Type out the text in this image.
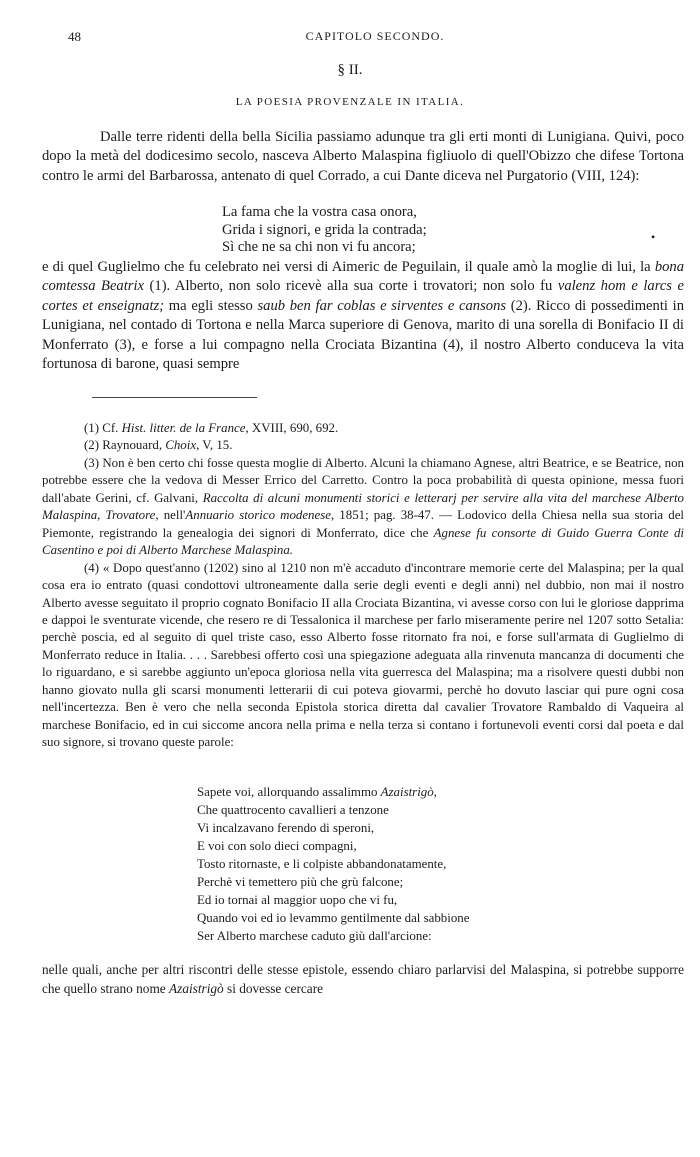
48	CAPITOLO SECONDO.
§ II.
LA POESIA PROVENZALE IN ITALIA.

Dalle terre ridenti della bella Sicilia passiamo adunque tra gli erti monti di Lunigiana. Quivi, poco dopo la metà del dodicesimo secolo, nasceva Alberto Malaspina figliuolo di quell'Obizzo che difese Tortona contro le armi del Barbarossa, antenato di quel Corrado, a cui Dante diceva nel Purgatorio (VIII, 124):

La fama che la vostra casa onora,
Grida i signori, e grida la contrada;
Sì che ne sa chi non vi fu ancora;
•

e di quel Guglielmo che fu celebrato nei versi di Aimeric de Peguilain, il quale amò la moglie di lui, la bona comtessa Beatrix (1). Alberto, non solo ricevè alla sua corte i trovatori; non solo fu valenz hom e larcs e cortes et enseignatz; ma egli stesso saub ben far coblas e sirventes e cansons (2). Ricco di possedimenti in Lunigiana, nel contado di Tortona e nella Marca superiore di Genova, marito di una sorella di Bonifacio II di Monferrato (3), e forse a lui compagno nella Crociata Bizantina (4), il nostro Alberto conduceva la vita fortunosa di barone, quasi sempre

(1) Cf. Hist. litter. de la France, XVIII, 690, 692.

(2) Raynouard, Choix, V, 15.

(3) Non è ben certo chi fosse questa moglie di Alberto. Alcuni la chiamano Agnese, altri Beatrice, e se Beatrice, non potrebbe essere che la vedova di Messer Errico del Carretto. Contro la poca probabilità di questa opinione, messa fuori dall'abate Gerini, cf. Galvani, Raccolta di alcuni monumenti storici e letterarj per servire alla vita del marchese Alberto Malaspina, Trovatore, nell'Annuario storico modenese, 1851; pag. 38-47. — Lodovico della Chiesa nella sua storia del Piemonte, registrando la genealogia dei signori di Monferrato, dice che Agnese fu consorte di Guido Guerra Conte di Casentino e poi di Alberto Marchese Malaspina.

(4) « Dopo quest'anno (1202) sino al 1210 non m'è accaduto d'incontrare memorie certe del Malaspina; per la qual cosa era io entrato (quasi condottovi ultroneamente dalla serie degli eventi e degli anni) nel dubbio, non mai il nostro Alberto avesse seguitato il proprio cognato Bonifacio II alla Crociata Bizantina, vi avesse corso con lui le gloriose dapprima e dappoi le sventurate vicende, che resero re di Tessalonica il marchese per farlo miseramente perire nel 1207 sotto Setalia: perchè poscia, ed al seguito di quel triste caso, esso Alberto fosse ritornato fra noi, e forse sull'armata di Guglielmo di Monferrato reduce in Italia. . . . Sarebbesi offerto così una spiegazione adeguata alla rinvenuta mancanza di documenti che lo riguardano, e si sarebbe aggiunto un'epoca gloriosa nella vita guerresca del Malaspina; ma a risolvere questi dubbi non hanno giovato nulla gli scarsi monumenti letterarii di cui poteva giovarmi, perchè ho dovuto lasciar qui pure ogni cosa nell'incertezza. Ben è vero che nella seconda Epistola storica diretta dal cavalier Trovatore Rambaldo di Vaqueira al marchese Bonifacio, ed in cui siccome ancora nella prima e nella terza si contano i fortunevoli eventi corsi dal poeta e dal suo signore, si trovano queste parole:

Sapete voi, allorquando assalimmo Azaistrigò,
Che quattrocento cavallieri a tenzone
Vi incalzavano ferendo di speroni,
E voi con solo dieci compagni,
Tosto ritornaste, e li colpiste abbandonatamente,
Perchè vi temettero più che grù falcone;
Ed io tornai al maggior uopo che vi fu,
Quando voi ed io levammo gentilmente dal sabbione
Ser Alberto marchese caduto giù dall'arcione:

nelle quali, anche per altri riscontri delle stesse epistole, essendo chiaro parlarvisi del Malaspina, si potrebbe supporre che quello strano nome Azaistrigò si dovesse cercare
